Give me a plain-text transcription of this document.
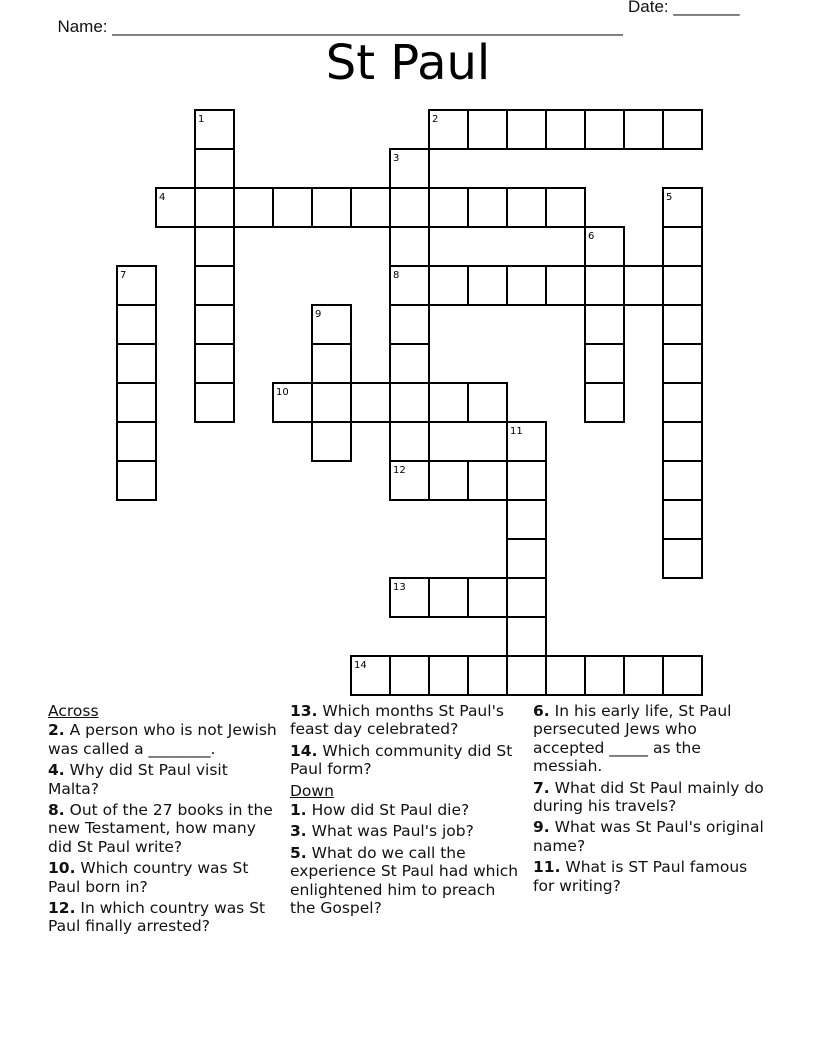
Name: ______________________________________________________

Date: _______

St Paul
1	2
3
4	5
6
7	8
9
10
11
12
13
14
Across
2. A person who is not Jewish was called a ________.
4. Why did St Paul visit Malta?
8. Out of the 27 books in the new Testament, how many did St Paul write?
10. Which country was St Paul born in?
12. In which country was St Paul finally arrested?
13. Which months St Paul's feast day celebrated?
14. Which community did St Paul form?
Down
1. How did St Paul die?
3. What was Paul's job?
5. What do we call the experience St Paul had which enlightened him to preach the Gospel?
6. In his early life, St Paul persecuted Jews who accepted _____ as the messiah.
7. What did St Paul mainly do during his travels?
9. What was St Paul's original name?
11. What is ST Paul famous for writing?
